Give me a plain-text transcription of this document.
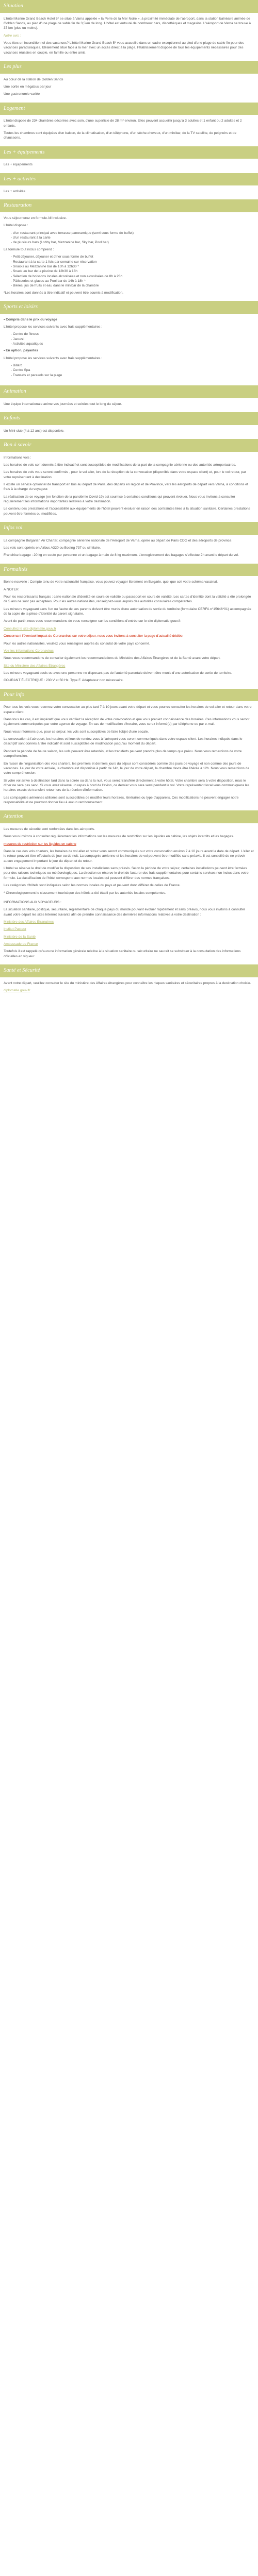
Situation

L'hôtel Marine Grand Beach Hotel 5* se situe à Varna appelée « la Perle de la Mer Noire », à proximité immédiate de l'aéroport, dans la station balnéaire animée de Golden Sands, au pied d'une plage de sable fin de 3,5km de long. L'hôtel est entouré de nombreux bars, discothèques et magasins. L'aéroport de Varna se trouve à 37 km (plus ou moins).

Notre avis :

Vous êtes un inconditionnel des vacances? L'hôtel Marine Grand Beach 5* vous accueille dans un cadre exceptionnel au pied d'une plage de sable fin pour des vacances paradisiaques. Idéalement situé face à la mer avec un accès direct à la plage, l'établissement dispose de tous les équipements nécessaires pour des vacances réussies en couple, en famille ou entre amis.

Les plus

Au cœur de la station de Golden Sands

Une sortie en mégabus par jour

Une gastronomie variée

Logement

L'hôtel dispose de 234 chambres décorées avec soin, d'une superficie de 28 m² environ. Elles peuvent accueillir jusqu'à 3 adultes et 1 enfant ou 2 adultes et 2 enfants.

Toutes les chambres sont équipées d'un balcon, de la climatisation, d'un téléphone, d'un sèche-cheveux, d'un minibar, de la TV satellite, de peignoirs et de chaussons.

Les + équipements

Les + équipements

Les + activités

Les + activités

Restauration

Vous séjournerez en formule All Inclusive.

L'hôtel dispose :

- d'un restaurant principal avec terrasse panoramique (servi sous forme de buffet)
- d'un restaurant à la carte
- de plusieurs bars (Lobby bar, Mezzanine bar, Sky bar, Pool bar)

La formule tout inclus comprend :

- Petit déjeuner, déjeuner et dîner sous forme de buffet
- Restaurant à la carte 1 fois par semaine sur réservation
- Snacks au Mezzanine bar de 10h à 12h30 *
- Snack au bar de la piscine de 12h30 à 18h
- Sélection de boissons locales alcoolisées et non alcoolisées de 8h à 23h
- Pâtisseries et glaces au Pool bar de 14h à 18h *
- Bières, jus de fruits et eau dans le minibar de la chambre

*Les horaires sont donnés à titre indicatif et peuvent être soumis à modification.

Sports et loisirs

• Compris dans le prix du voyage

L'hôtel propose les services suivants avec frais supplémentaires :

- Centre de fitness
- Jacuzzi
- Activités aquatiques

• En option, payantes

L'hôtel propose les services suivants avec frais supplémentaires :

- Billard
- Centre Spa
- Transats et parasols sur la plage
Animation

Une équipe internationale anime vos journées et soirées tout le long du séjour.

Enfants

Un Mini-club (4 à 12 ans) est disponible.

Bon à savoir

Informations vols :

Les horaires de vols sont donnés à titre indicatif et sont susceptibles de modifications de la part de la compagnie aérienne ou des autorités aéroportuaires.

Les horaires de vols vous seront confirmés , pour le vol aller, lors de la réception de la convocation (disponible dans votre espace client) et, pour le vol retour, par votre représentant à destination.

Il existe un service optionnel de transport en bus au départ de Paris, des départs en région et de Province, vers les aéroports de départ vers Varna, à conditions et frais à la charge du voyageur.

La réalisation de ce voyage (en fonction de la pandémie Covid-19) est soumise à certaines conditions qui peuvent évoluer. Nous vous invitons à consulter régulièrement les informations importantes relatives à votre destination.

Le contenu des prestations et l'accessibilité aux équipements de l'hôtel peuvent évoluer en raison des contraintes liées à la situation sanitaire. Certaines prestations peuvent être fermées ou modifiées.

Infos vol

La compagnie Bulgarian Air Charter, compagnie aérienne nationale de l'Aéroport de Varna, opère au départ de Paris CDG et des aéroports de province.

Les vols sont opérés en Airbus A320 ou Boeing 737 ou similaire.

Franchise bagage : 20 kg en soute par personne et un bagage à main de 8 kg maximum. L'enregistrement des bagages s'effectue 2h avant le départ du vol.

Formalités

Bonne nouvelle : Compte tenu de votre nationalité française, vous pouvez voyager librement en Bulgarie, quel que soit votre schéma vaccinal.

A NOTER

Pour les ressortissants français : carte nationale d'identité en cours de validité ou passeport en cours de validité. Les cartes d'identité dont la validité a été prolongée de 5 ans ne sont pas acceptées. Pour les autres nationalités, renseignez-vous auprès des autorités consulaires compétentes.

Les mineurs voyageant sans l'un ou l'autre de ses parents doivent être munis d'une autorisation de sortie du territoire (formulaire CERFA n°15646*01) accompagnée de la copie de la pièce d'identité du parent signataire.

Avant de partir, nous vous recommandons de vous renseigner sur les conditions d'entrée sur le site diplomatie.gouv.fr.

Consultez le site diplomatie.gouv.fr

Concernant l'éventuel impact du Coronavirus sur votre séjour, nous vous invitons à consulter la page d'actualité dédiée.

Pour les autres nationalités, veuillez vous renseigner auprès du consulat de votre pays concerné.

Voir les informations Coronavirus

Nous vous recommandons de consulter également les recommandations du Ministère des Affaires Étrangères et de la Santé avant votre départ.

Site du Ministère des Affaires Étrangères

Les mineurs voyageant seuls ou avec une personne ne disposant pas de l'autorité parentale doivent être munis d'une autorisation de sortie de territoire.

COURANT ÉLECTRIQUE : 230 V et 50 Hz. Type F. Adaptateur non nécessaire.

Pour info

Pour tous les vols vous recevrez votre convocation au plus tard 7 à 10 jours avant votre départ et vous pourrez consulter les horaires de vol aller et retour dans votre espace client.

Dans tous les cas, il est impératif que vous vérifiiez la réception de votre convocation et que vous preniez connaissance des horaires. Ces informations vous seront également communiquées par votre agence de voyage. En cas de modification d'horaire, vous serez informé(e) par téléphone ou par e-mail.

Nous vous informons que, pour ce séjour, les vols sont susceptibles de faire l'objet d'une escale.

La convocation à l'aéroport, les horaires et lieux de rendez-vous à l'aéroport vous seront communiqués dans votre espace client. Les horaires indiqués dans le descriptif sont donnés à titre indicatif et sont susceptibles de modification jusqu'au moment du départ.

Pendant la période de haute saison, les vols peuvent être retardés, et les transferts peuvent prendre plus de temps que prévu. Nous vous remercions de votre compréhension.

En raison de l'organisation des vols charters, les premiers et derniers jours du séjour sont considérés comme des jours de voyage et non comme des jours de vacances. Le jour de votre arrivée, la chambre est disponible à partir de 14h, le jour de votre départ, la chambre devra être libérée à 12h. Nous vous remercions de votre compréhension.

Si votre vol arrive à destination tard dans la soirée ou dans la nuit, vous serez transféré directement à votre hôtel. Votre chambre sera à votre disposition, mais le dîner ne sera pas servi. Si vous avez réservé un repas à bord de l'avion, ce dernier vous sera servi pendant le vol. Votre représentant local vous communiquera les horaires exacts du transfert retour lors de la réunion d'information.

Les compagnies aériennes utilisées sont susceptibles de modifier leurs horaires, itinéraires ou type d'appareils. Ces modifications ne peuvent engager notre responsabilité et ne pourront donner lieu à aucun remboursement.

Attention

Les mesures de sécurité sont renforcées dans les aéroports.

Nous vous invitons à consulter régulièrement les informations sur les mesures de restriction sur les liquides en cabine, les objets interdits et les bagages.

mesures de restriction sur les liquides en cabine

Dans le cas des vols charters, les horaires de vol aller et retour vous seront communiqués sur votre convocation environ 7 à 10 jours avant la date de départ. L'aller et le retour peuvent être effectués de jour ou de nuit. La compagnie aérienne et les horaires de vol peuvent être modifiés sans préavis. Il est conseillé de ne prévoir aucun engagement important le jour du départ et du retour.

L'hôtel se réserve le droit de modifier la disposition de ses installations sans préavis. Selon la période de votre séjour, certaines installations peuvent être fermées pour des raisons techniques ou météorologiques. La direction se réserve le droit de facturer des frais supplémentaires pour certains services non inclus dans votre formule. La classification de l'hôtel correspond aux normes locales qui peuvent différer des normes françaises.

Les catégories d'hôtels sont indiquées selon les normes locales du pays et peuvent donc différer de celles de France.

* Chronologiquement le classement touristique des hôtels a été établi par les autorités locales compétentes.

INFORMATIONS AUX VOYAGEURS :

La situation sanitaire, politique, sécuritaire, réglementaire de chaque pays du monde pouvant évoluer rapidement et sans préavis, nous vous invitons à consulter avant votre départ les sites Internet suivants afin de prendre connaissance des dernières informations relatives à votre destination :

Ministère des Affaires Étrangères

Institut Pasteur

Ministère de la Santé

Ambassade de France

Toutefois il est rappelé qu'aucune information générale relative à la situation sanitaire ou sécuritaire ne saurait se substituer à la consultation des informations officielles en vigueur.

Santé et Sécurité

Avant votre départ, veuillez consulter le site du ministère des Affaires étrangères pour connaître les risques sanitaires et sécuritaires propres à la destination choisie.

diplomatie.gouv.fr
